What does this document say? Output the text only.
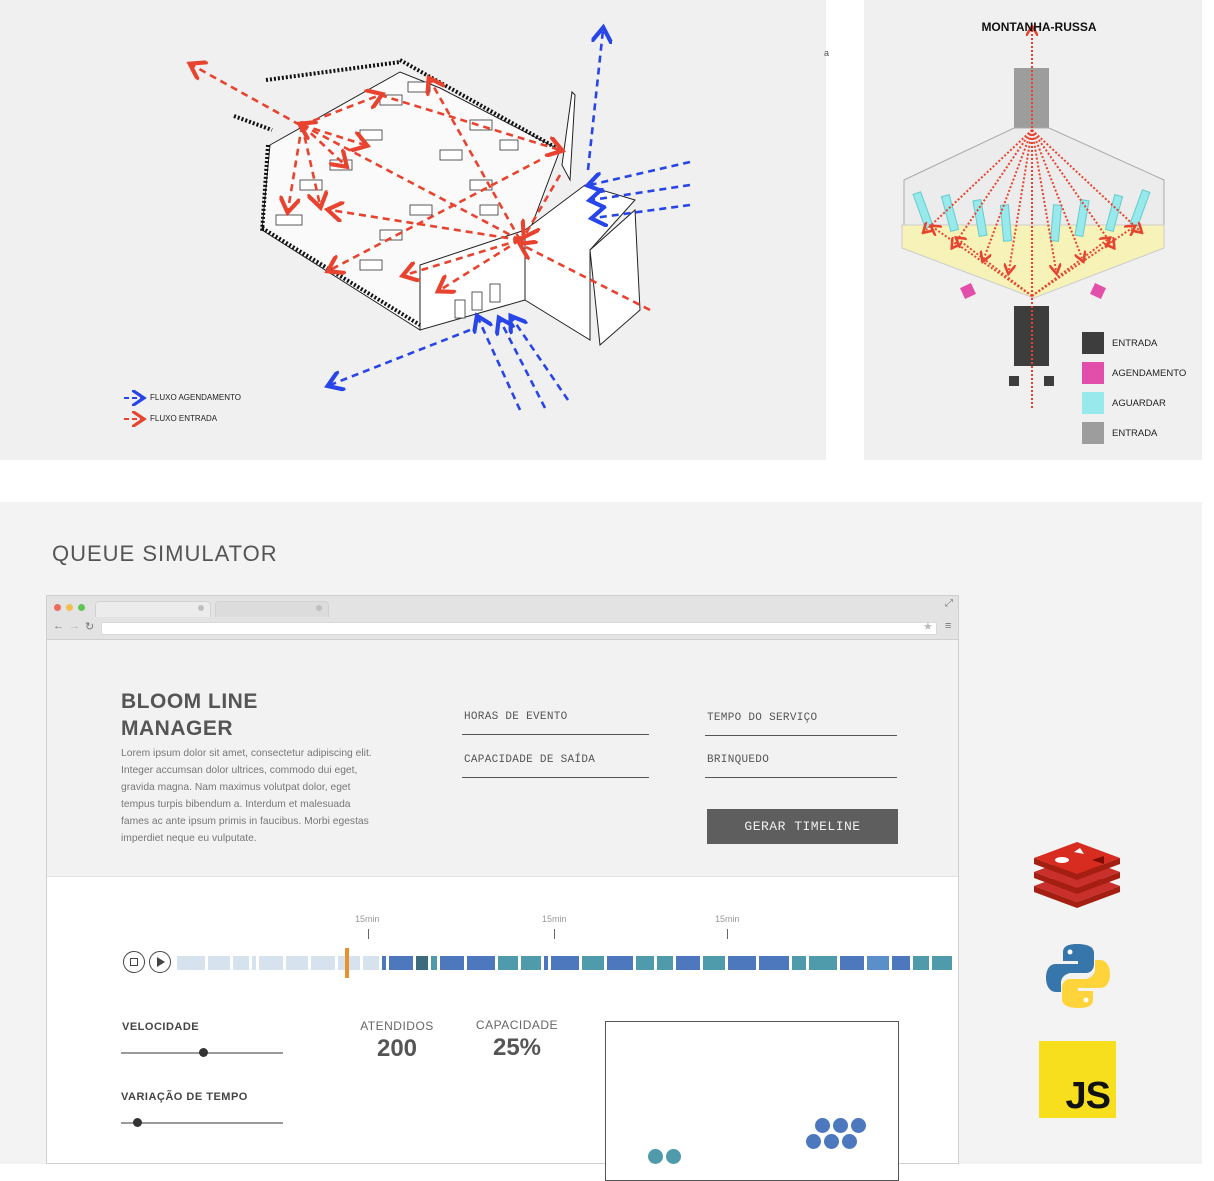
a
FLUXO AGENDAMENTO
FLUXO ENTRADA
MONTANHA-RUSSA
ENTRADA
AGENDAMENTO
AGUARDAR
ENTRADA
QUEUE SIMULATOR
← → ↻	★ ≡
⤢
BLOOM LINE
MANAGER
Lorem ipsum dolor sit amet, consectetur adipiscing elit. Integer accumsan dolor ultrices, commodo dui eget, gravida magna. Nam maximus volutpat dolor, eget tempus turpis bibendum a. Interdum et malesuada fames ac ante ipsum primis in faucibus. Morbi egestas imperdiet neque eu vulputate.
HORAS DE EVENTO	TEMPO DO SERVIÇO
CAPACIDADE DE SAÍDA	BRINQUEDO
GERAR TIMELINE
15min	15min	15min
VELOCIDADE
VARIAÇÃO DE TEMPO
ATENDIDOS
200
CAPACIDADE
25%
JS
